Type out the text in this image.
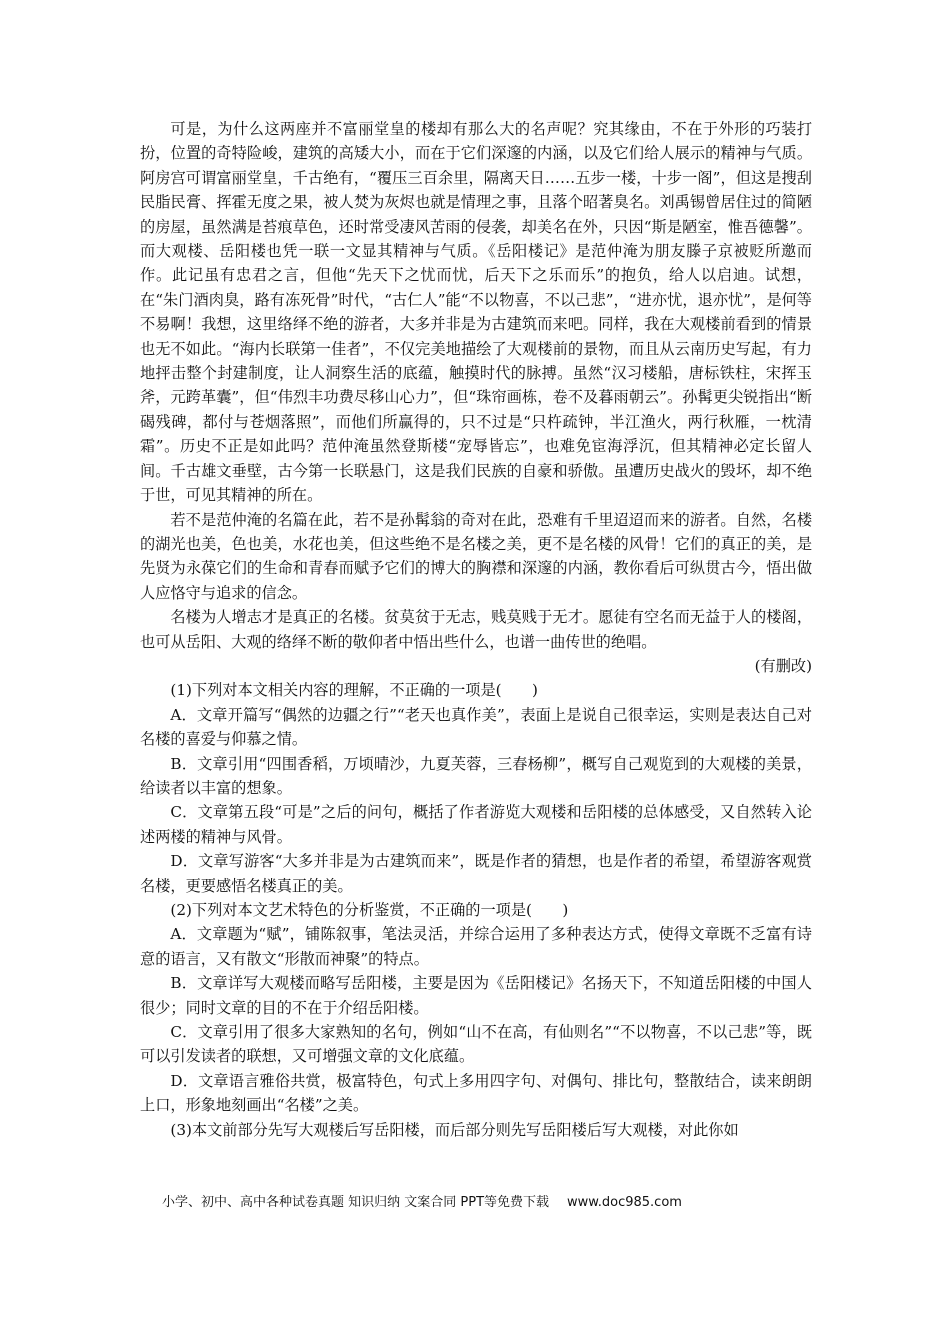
可是，为什么这两座并不富丽堂皇的楼却有那么大的名声呢？究其缘由，不在于外形的巧装打扮，位置的奇特险峻，建筑的高矮大小，而在于它们深邃的内涵，以及它们给人展示的精神与气质。阿房宫可谓富丽堂皇，千古绝有，“覆压三百余里，隔离天日……五步一楼，十步一阁”，但这是搜刮民脂民膏、挥霍无度之果，被人焚为灰烬也就是情理之事，且落个昭著臭名。刘禹锡曾居住过的简陋的房屋，虽然满是苔痕草色，还时常受凄风苦雨的侵袭，却美名在外，只因“斯是陋室，惟吾德馨”。而大观楼、岳阳楼也凭一联一文显其精神与气质。《岳阳楼记》是范仲淹为朋友滕子京被贬所邀而作。此记虽有忠君之言，但他“先天下之忧而忧，后天下之乐而乐”的抱负，给人以启迪。试想，在“朱门酒肉臭，路有冻死骨”时代，“古仁人”能“不以物喜，不以己悲”，“进亦忧，退亦忧”，是何等不易啊！我想，这里络绎不绝的游者，大多并非是为古建筑而来吧。同样，我在大观楼前看到的情景也无不如此。“海内长联第一佳者”，不仅完美地描绘了大观楼前的景物，而且从云南历史写起，有力地抨击整个封建制度，让人洞察生活的底蕴，触摸时代的脉搏。虽然“汉习楼船，唐标铁柱，宋挥玉斧，元跨革囊”，但“伟烈丰功费尽移山心力”，但“珠帘画栋，卷不及暮雨朝云”。孙髯更尖锐指出“断碣残碑，都付与苍烟落照”，而他们所赢得的，只不过是“只杵疏钟，半江渔火，两行秋雁，一枕清霜”。历史不正是如此吗？范仲淹虽然登斯楼“宠辱皆忘”，也难免宦海浮沉，但其精神必定长留人间。千古雄文垂壁，古今第一长联悬门，这是我们民族的自豪和骄傲。虽遭历史战火的毁坏，却不绝于世，可见其精神的所在。

若不是范仲淹的名篇在此，若不是孙髯翁的奇对在此，恐难有千里迢迢而来的游者。自然，名楼的湖光也美，色也美，水花也美，但这些绝不是名楼之美，更不是名楼的风骨！它们的真正的美，是先贤为永葆它们的生命和青春而赋予它们的博大的胸襟和深邃的内涵，教你看后可纵贯古今，悟出做人应恪守与追求的信念。

名楼为人增志才是真正的名楼。贫莫贫于无志，贱莫贱于无才。愿徒有空名而无益于人的楼阁，也可从岳阳、大观的络绎不断的敬仰者中悟出些什么，也谱一曲传世的绝唱。

(有删改)

(1)下列对本文相关内容的理解，不正确的一项是(　　)

A．文章开篇写“偶然的边疆之行”“老天也真作美”，表面上是说自己很幸运，实则是表达自己对名楼的喜爱与仰慕之情。

B．文章引用“四围香稻，万顷晴沙，九夏芙蓉，三春杨柳”，概写自己观览到的大观楼的美景，给读者以丰富的想象。

C．文章第五段“可是”之后的问句，概括了作者游览大观楼和岳阳楼的总体感受，又自然转入论述两楼的精神与风骨。

D．文章写游客“大多并非是为古建筑而来”，既是作者的猜想，也是作者的希望，希望游客观赏名楼，更要感悟名楼真正的美。

(2)下列对本文艺术特色的分析鉴赏，不正确的一项是(　　)

A．文章题为“赋”，铺陈叙事，笔法灵活，并综合运用了多种表达方式，使得文章既不乏富有诗意的语言，又有散文“形散而神聚”的特点。

B．文章详写大观楼而略写岳阳楼，主要是因为《岳阳楼记》名扬天下，不知道岳阳楼的中国人很少；同时文章的目的不在于介绍岳阳楼。

C．文章引用了很多大家熟知的名句，例如“山不在高，有仙则名”“不以物喜，不以己悲”等，既可以引发读者的联想，又可增强文章的文化底蕴。

D．文章语言雅俗共赏，极富特色，句式上多用四字句、对偶句、排比句，整散结合，读来朗朗上口，形象地刻画出“名楼”之美。

(3)本文前部分先写大观楼后写岳阳楼，而后部分则先写岳阳楼后写大观楼，对此你如

小学、初中、高中各种试卷真题 知识归纳 文案合同 PPT等免费下载 www.doc985.com
